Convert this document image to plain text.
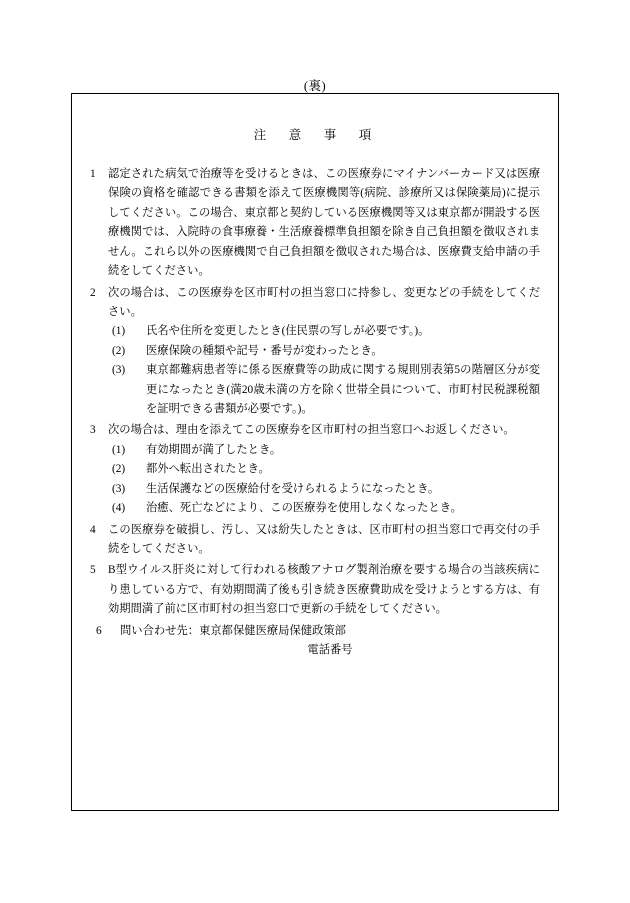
(裏)
注　意　事　項
1	認定された病気で治療等を受けるときは、この医療券にマイナンバーカード又は医療保険の資格を確認できる書類を添えて医療機関等(病院、診療所又は保険薬局)に提示してください。この場合、東京都と契約している医療機関等又は東京都が開設する医療機関では、入院時の食事療養・生活療養標準負担額を除き自己負担額を徴収されません。これら以外の医療機関で自己負担額を徴収された場合は、医療費支給申請の手続をしてください。
2	次の場合は、この医療券を区市町村の担当窓口に持参し、変更などの手続をしてください。
(1)	氏名や住所を変更したとき(住民票の写しが必要です。)。
(2)	医療保険の種類や記号・番号が変わったとき。
(3)	東京都難病患者等に係る医療費等の助成に関する規則別表第5の階層区分が変更になったとき(満20歳未満の方を除く世帯全員について、市町村民税課税額を証明できる書類が必要です。)。
3	次の場合は、理由を添えてこの医療券を区市町村の担当窓口へお返しください。
(1)	有効期間が満了したとき。
(2)	都外へ転出されたとき。
(3)	生活保護などの医療給付を受けられるようになったとき。
(4)	治癒、死亡などにより、この医療券を使用しなくなったとき。
4	この医療券を破損し、汚し、又は紛失したときは、区市町村の担当窓口で再交付の手続をしてください。
5	B型ウイルス肝炎に対して行われる核酸アナログ製剤治療を要する場合の当該疾病にり患している方で、有効期間満了後も引き続き医療費助成を受けようとする方は、有効期間満了前に区市町村の担当窓口で更新の手続をしてください。
6	問い合わせ先：東京都保健医療局保健政策部
電話番号
